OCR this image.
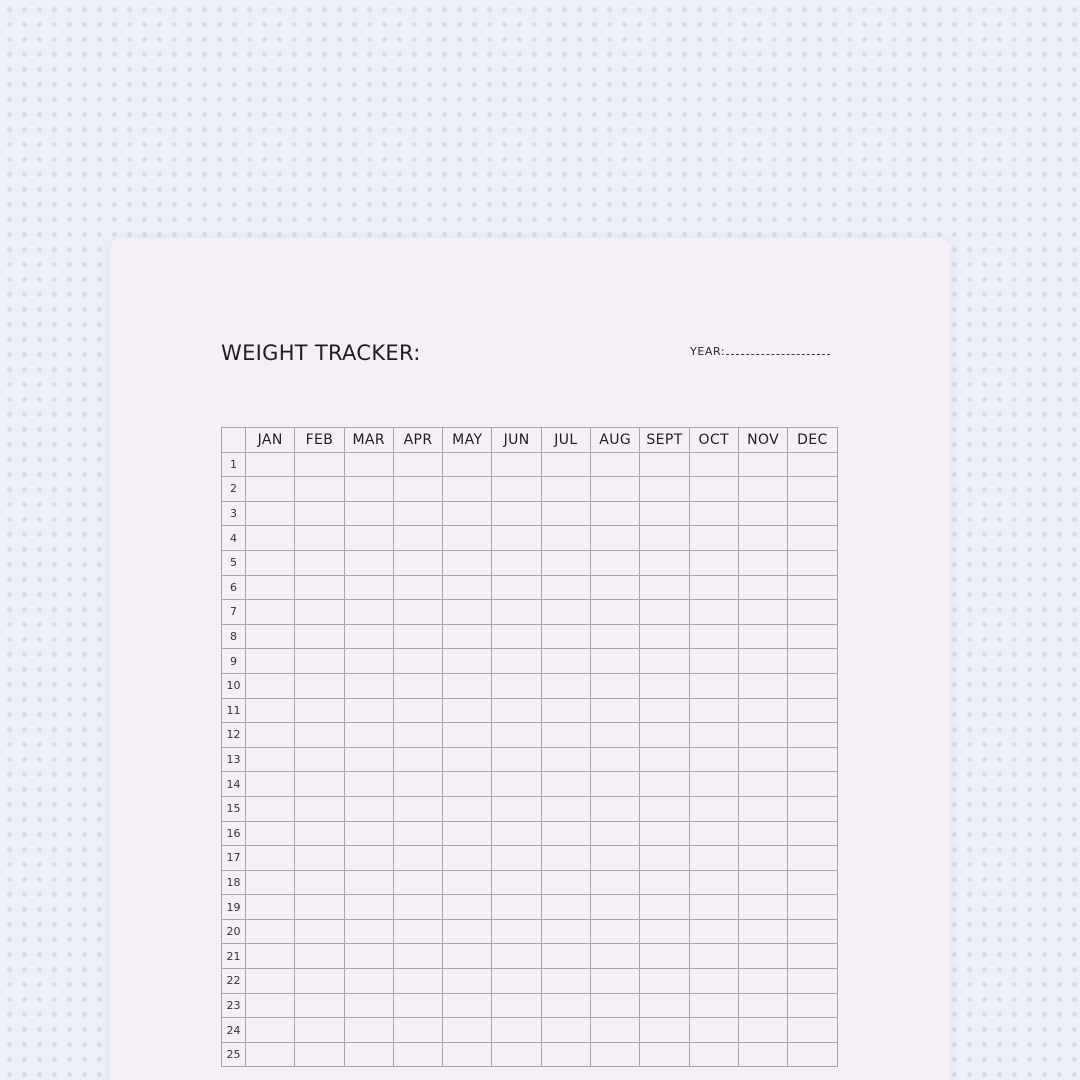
WEIGHT TRACKER:	YEAR:
	JAN	FEB	MAR	APR	MAY	JUN	JUL	AUG	SEPT	OCT	NOV	DEC
1												
2												
3												
4												
5												
6												
7												
8												
9												
10												
11												
12												
13												
14												
15												
16												
17												
18												
19												
20												
21												
22												
23												
24												
25												
